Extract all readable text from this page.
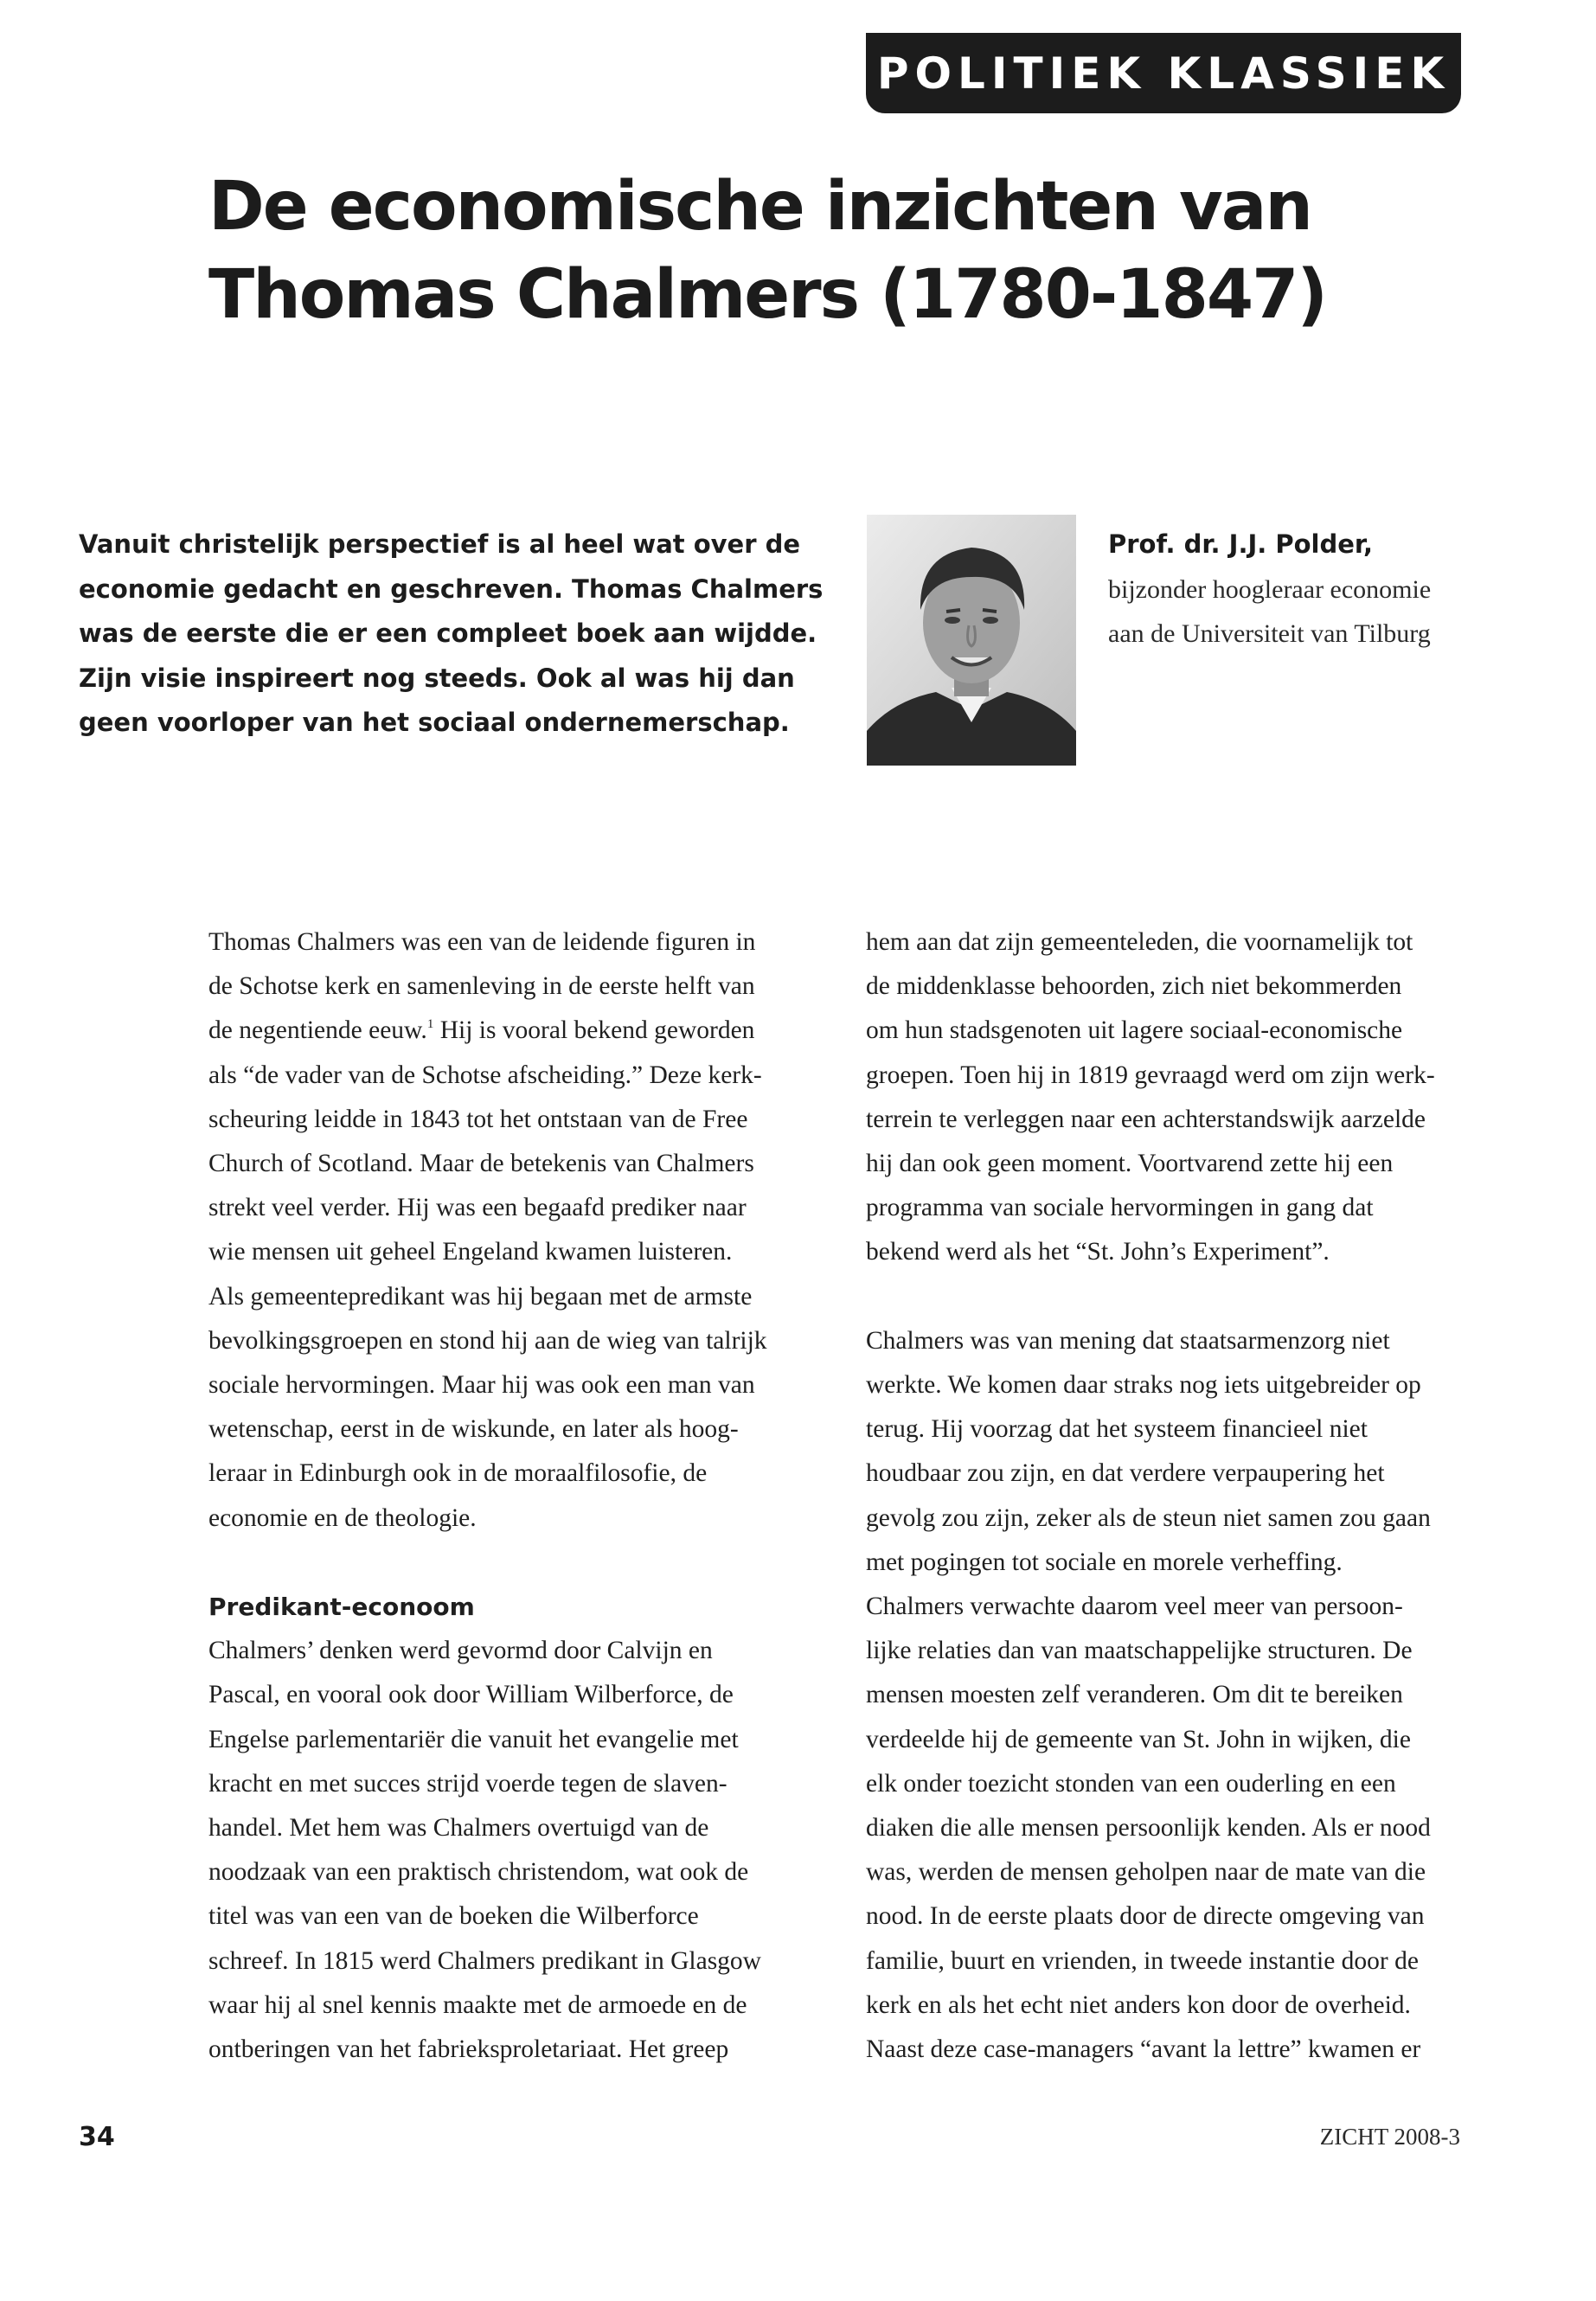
POLITIEK KLASSIEK
De economische inzichten van
Thomas Chalmers (1780-1847)

Vanuit christelijk perspectief is al heel wat over de
economie gedacht en geschreven. Thomas Chalmers
was de eerste die er een compleet boek aan wijdde.
Zijn visie inspireert nog steeds. Ook al was hij dan
geen voorloper van het sociaal ondernemerschap.

Prof. dr. J.J. Polder,
bijzonder hoogleraar economie
aan de Universiteit van Tilburg
Thomas Chalmers was een van de leidende figuren in
de Schotse kerk en samenleving in de eerste helft van
de negentiende eeuw.$^1$ Hij is vooral bekend geworden
als “de vader van de Schotse afscheiding.” Deze kerk-
scheuring leidde in 1843 tot het ontstaan van de Free
Church of Scotland. Maar de betekenis van Chalmers
strekt veel verder. Hij was een begaafd prediker naar
wie mensen uit geheel Engeland kwamen luisteren.
Als gemeentepredikant was hij begaan met de armste
bevolkingsgroepen en stond hij aan de wieg van talrijk
sociale hervormingen. Maar hij was ook een man van
wetenschap, eerst in de wiskunde, en later als hoog-
leraar in Edinburgh ook in de moraalfilosofie, de
economie en de theologie.
Predikant-econoom
Chalmers’ denken werd gevormd door Calvijn en
Pascal, en vooral ook door William Wilberforce, de
Engelse parlementariër die vanuit het evangelie met
kracht en met succes strijd voerde tegen de slaven-
handel. Met hem was Chalmers overtuigd van de
noodzaak van een praktisch christendom, wat ook de
titel was van een van de boeken die Wilberforce
schreef. In 1815 werd Chalmers predikant in Glasgow
waar hij al snel kennis maakte met de armoede en de
ontberingen van het fabrieksproletariaat. Het greep
hem aan dat zijn gemeenteleden, die voornamelijk tot
de middenklasse behoorden, zich niet bekommerden
om hun stadsgenoten uit lagere sociaal-economische
groepen. Toen hij in 1819 gevraagd werd om zijn werk-
terrein te verleggen naar een achterstandswijk aarzelde
hij dan ook geen moment. Voortvarend zette hij een
programma van sociale hervormingen in gang dat
bekend werd als het “St. John’s Experiment”.
Chalmers was van mening dat staatsarmenzorg niet
werkte. We komen daar straks nog iets uitgebreider op
terug. Hij voorzag dat het systeem financieel niet
houdbaar zou zijn, en dat verdere verpaupering het
gevolg zou zijn, zeker als de steun niet samen zou gaan
met pogingen tot sociale en morele verheffing.
Chalmers verwachte daarom veel meer van persoon-
lijke relaties dan van maatschappelijke structuren. De
mensen moesten zelf veranderen. Om dit te bereiken
verdeelde hij de gemeente van St. John in wijken, die
elk onder toezicht stonden van een ouderling en een
diaken die alle mensen persoonlijk kenden. Als er nood
was, werden de mensen geholpen naar de mate van die
nood. In de eerste plaats door de directe omgeving van
familie, buurt en vrienden, in tweede instantie door de
kerk en als het echt niet anders kon door de overheid.
Naast deze case-managers “avant la lettre” kwamen er
34	ZICHT 2008-3
